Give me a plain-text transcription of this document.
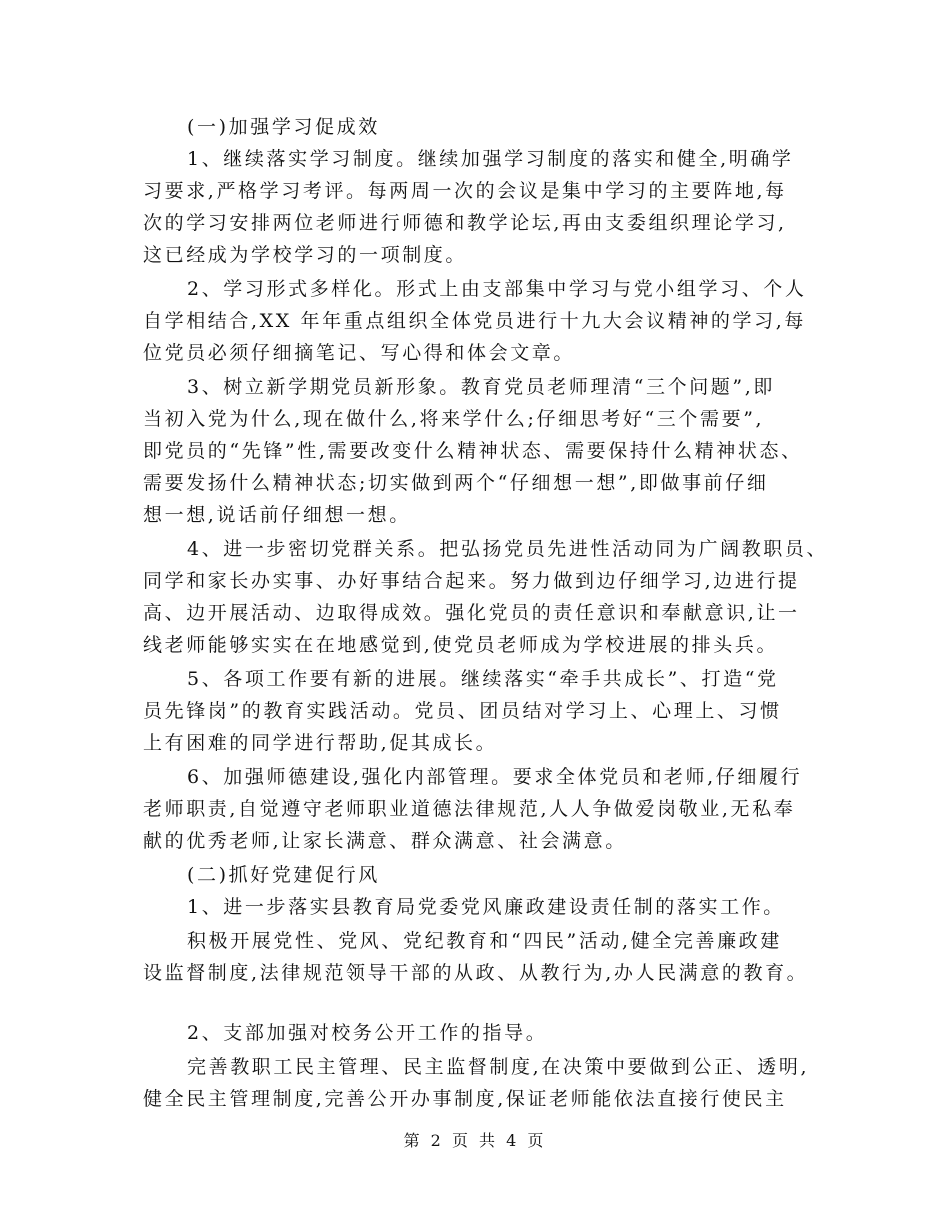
(一)加强学习促成效

1、继续落实学习制度。继续加强学习制度的落实和健全,明确学

习要求,严格学习考评。每两周一次的会议是集中学习的主要阵地,每

次的学习安排两位老师进行师德和教学论坛,再由支委组织理论学习,

这已经成为学校学习的一项制度。

2、学习形式多样化。形式上由支部集中学习与党小组学习、个人

自学相结合,XX 年年重点组织全体党员进行十九大会议精神的学习,每

位党员必须仔细摘笔记、写心得和体会文章。

3、树立新学期党员新形象。教育党员老师理清“三个问题”,即

当初入党为什么,现在做什么,将来学什么;仔细思考好“三个需要”,

即党员的“先锋”性,需要改变什么精神状态、需要保持什么精神状态、

需要发扬什么精神状态;切实做到两个“仔细想一想”,即做事前仔细

想一想,说话前仔细想一想。

4、进一步密切党群关系。把弘扬党员先进性活动同为广阔教职员、

同学和家长办实事、办好事结合起来。努力做到边仔细学习,边进行提

高、边开展活动、边取得成效。强化党员的责任意识和奉献意识,让一

线老师能够实实在在地感觉到,使党员老师成为学校进展的排头兵。

5、各项工作要有新的进展。继续落实“牵手共成长”、打造“党

员先锋岗”的教育实践活动。党员、团员结对学习上、心理上、习惯

上有困难的同学进行帮助,促其成长。

6、加强师德建设,强化内部管理。要求全体党员和老师,仔细履行

老师职责,自觉遵守老师职业道德法律规范,人人争做爱岗敬业,无私奉

献的优秀老师,让家长满意、群众满意、社会满意。

(二)抓好党建促行风

1、进一步落实县教育局党委党风廉政建设责任制的落实工作。

积极开展党性、党风、党纪教育和“四民”活动,健全完善廉政建

设监督制度,法律规范领导干部的从政、从教行为,办人民满意的教育。

2、支部加强对校务公开工作的指导。

完善教职工民主管理、民主监督制度,在决策中要做到公正、透明,

健全民主管理制度,完善公开办事制度,保证老师能依法直接行使民主

第 2 页 共 4 页
